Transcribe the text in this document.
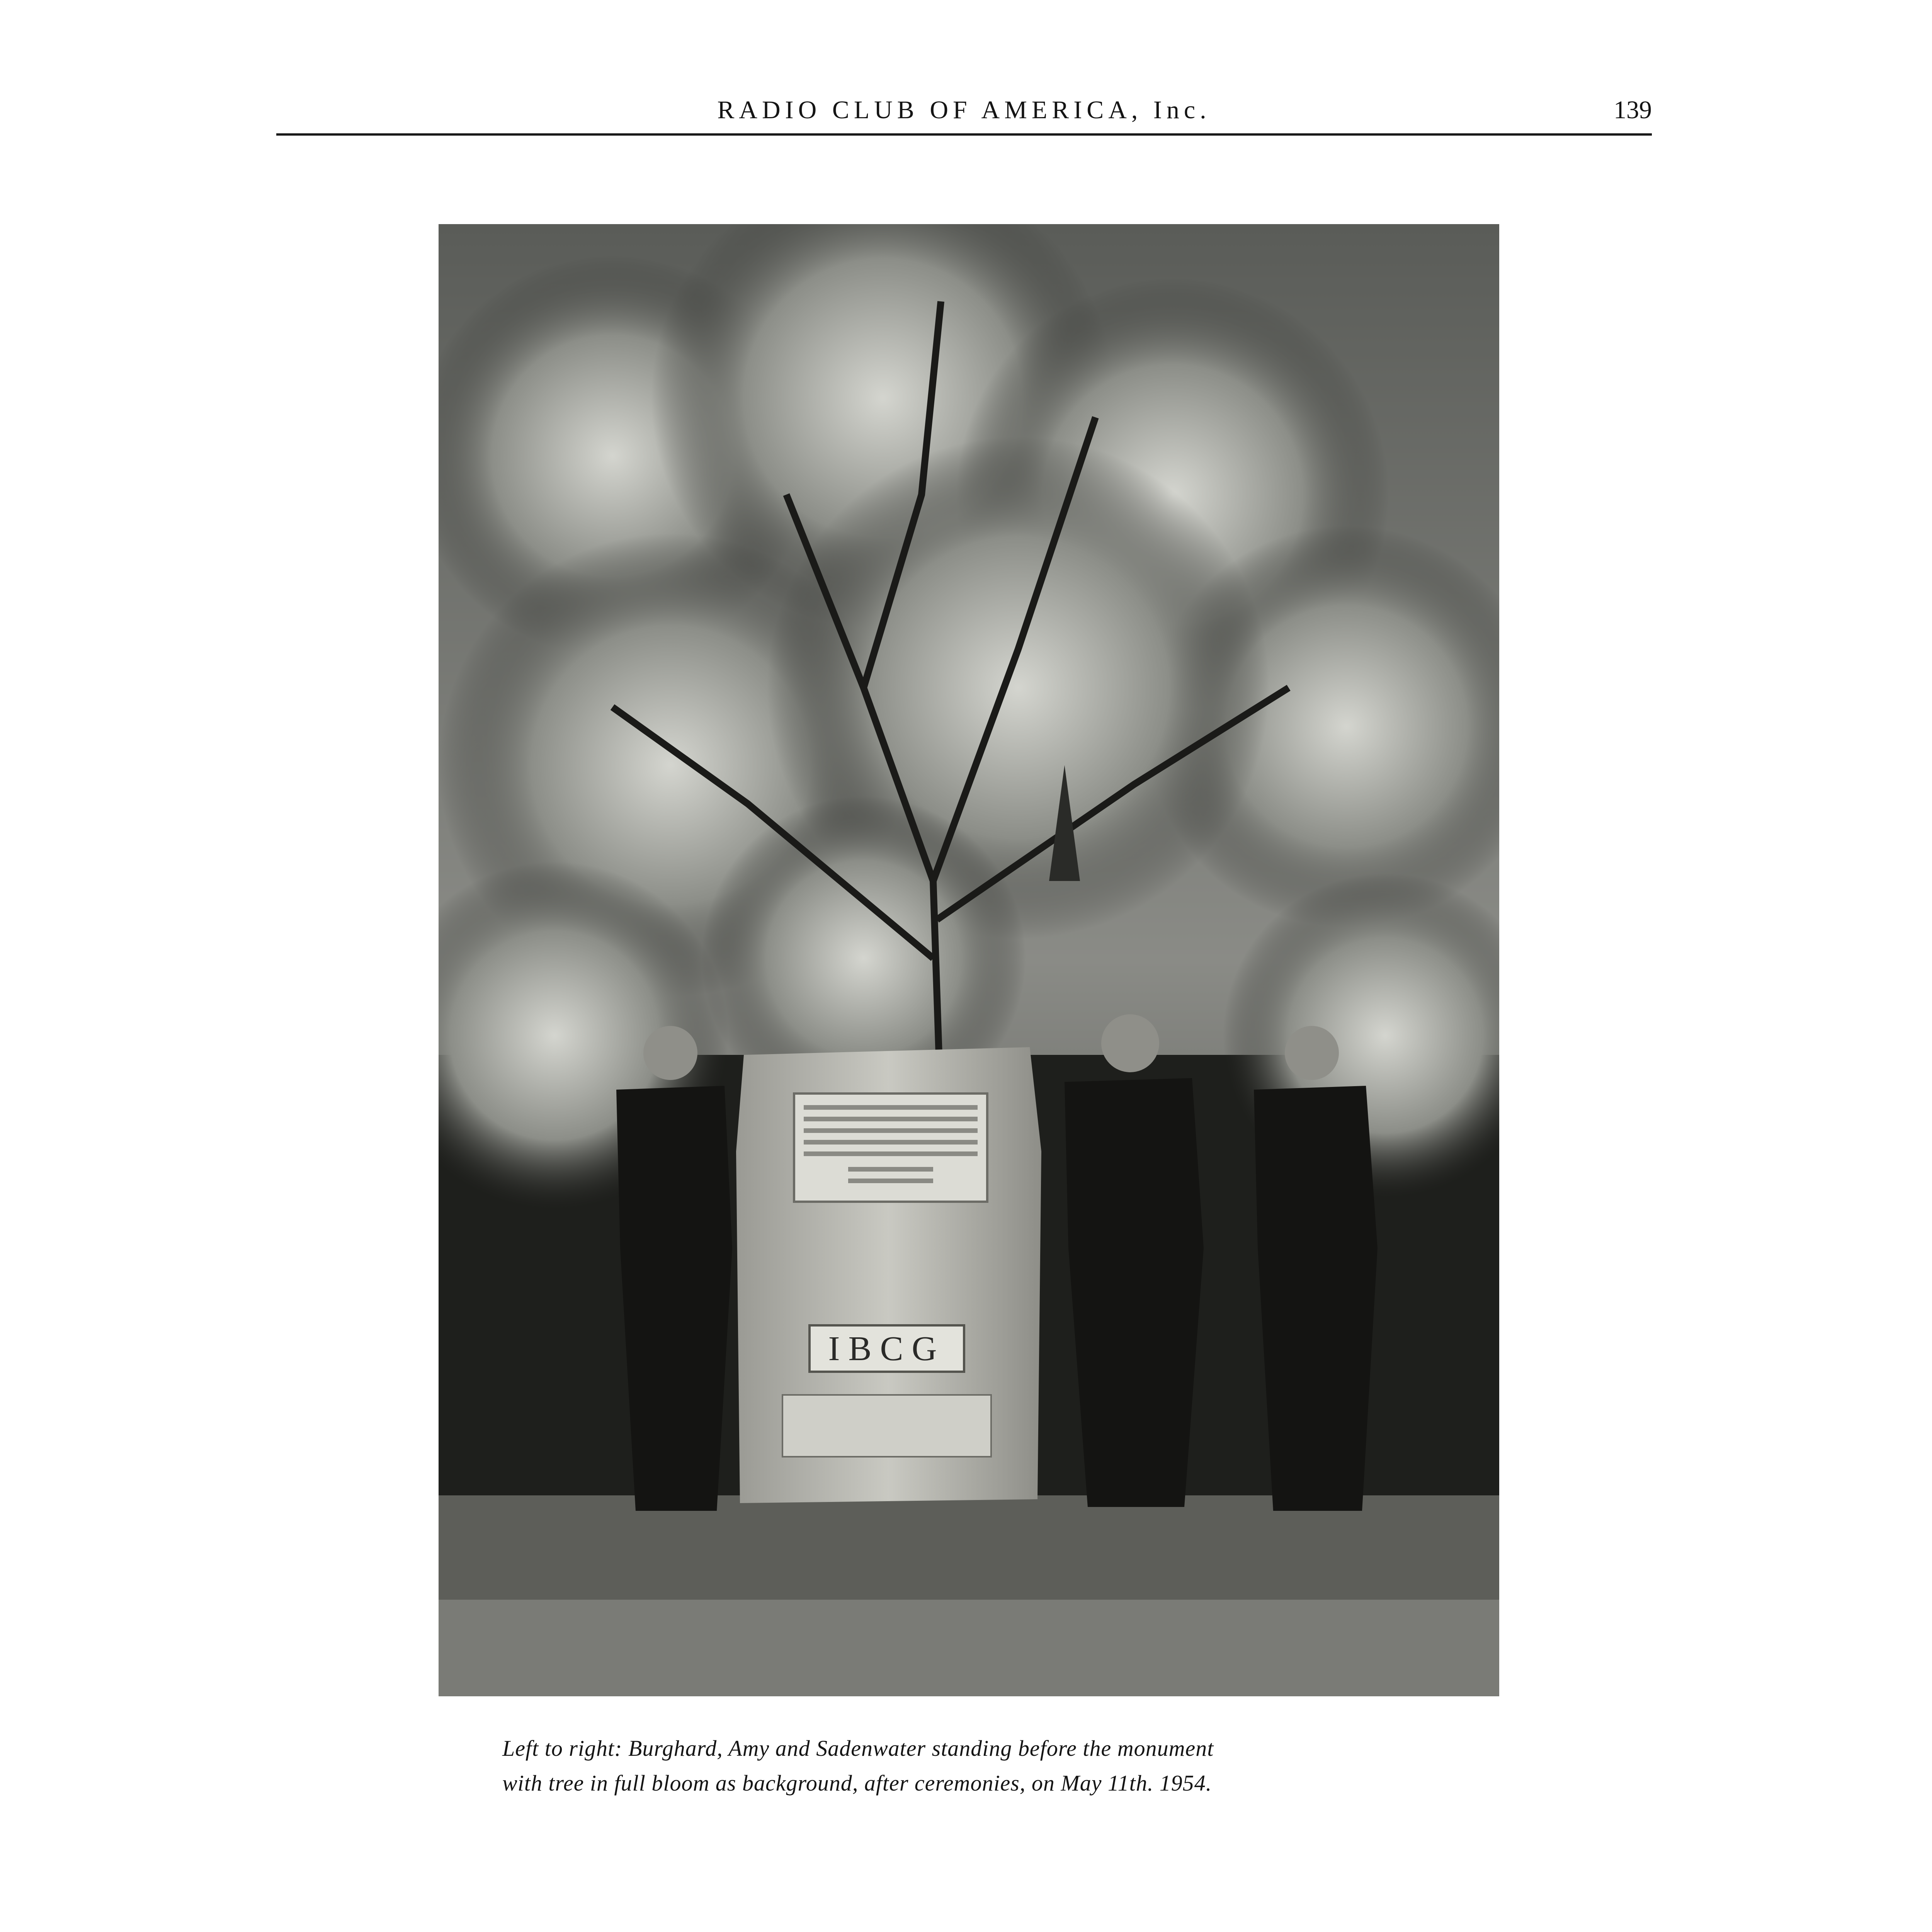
RADIO CLUB OF AMERICA, Inc.	139
IBCG
Left to right: Burghard, Amy and Sadenwater standing before the monument
with tree in full bloom as background, after ceremonies, on May 11th. 1954.
